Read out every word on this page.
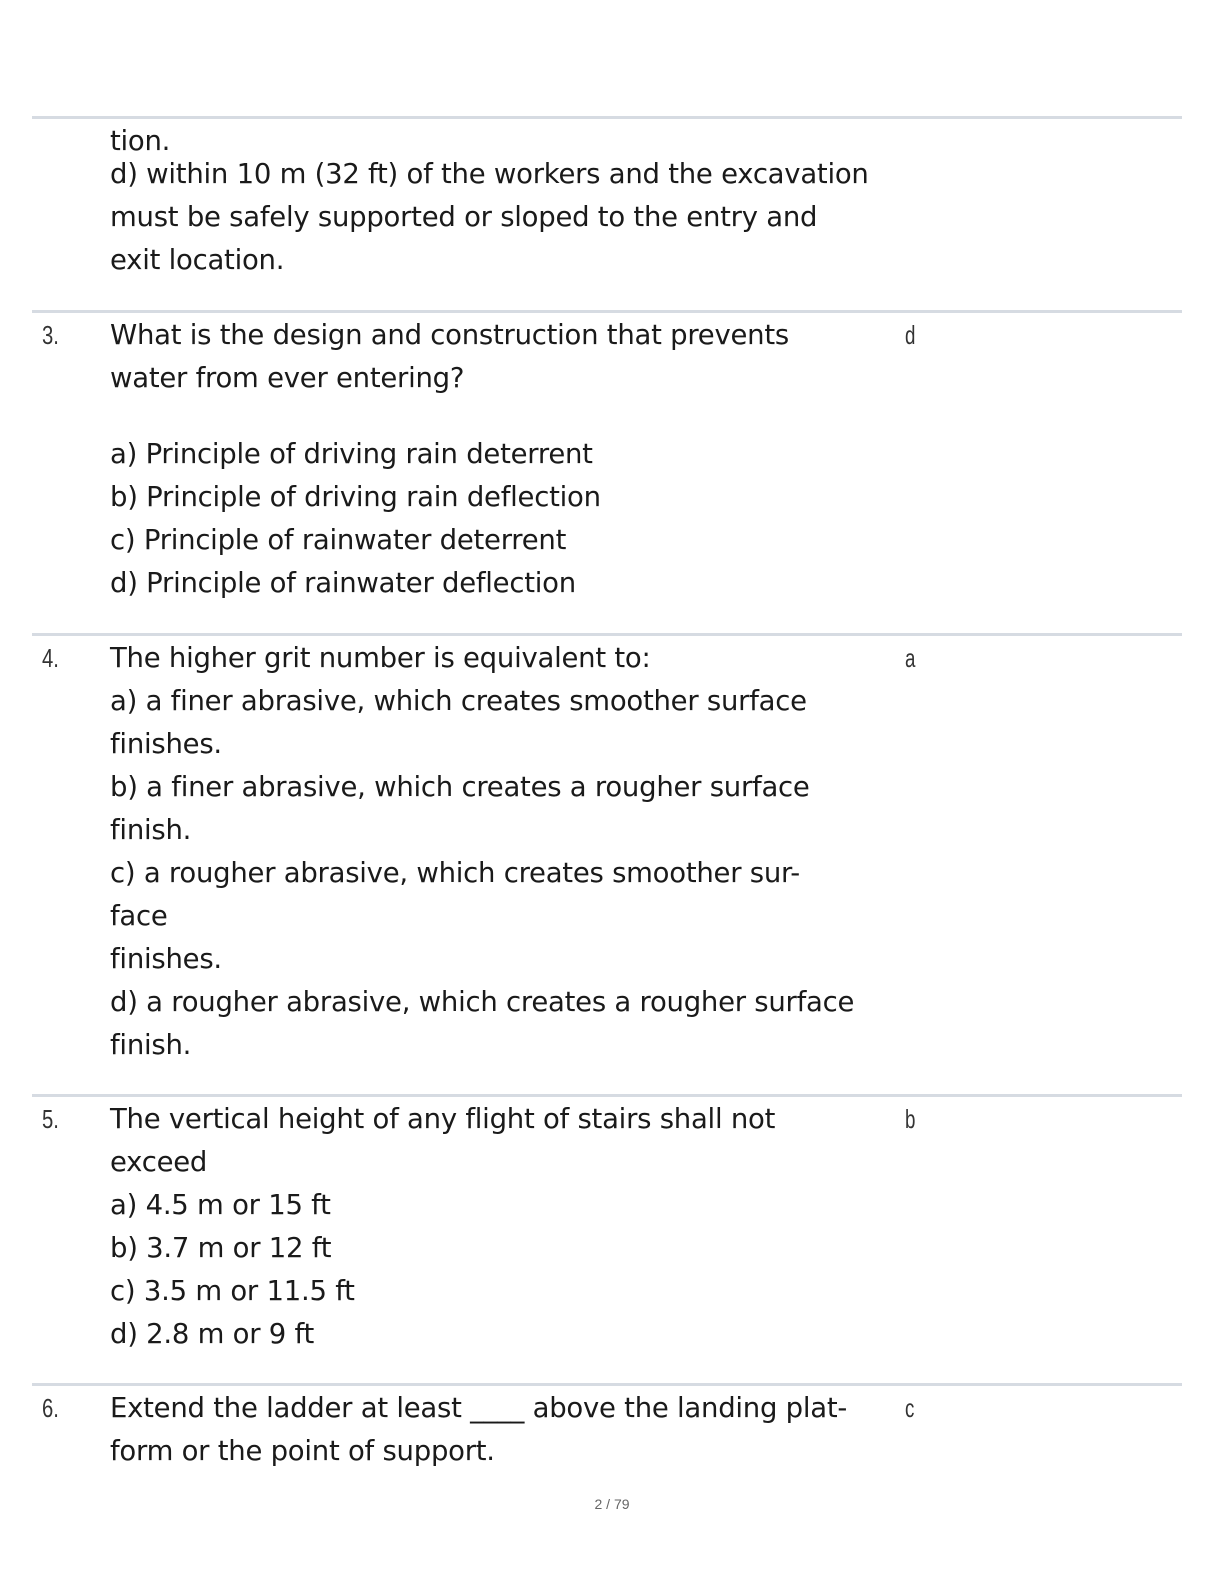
tion.
d) within 10 m (32 ft) of the workers and the excavation
must be safely supported or sloped to the entry and
exit location.
3. What is the design and construction that prevents
water from ever entering?
a) Principle of driving rain deterrent
b) Principle of driving rain deflection
c) Principle of rainwater deterrent
d) Principle of rainwater deflection
d
4. The higher grit number is equivalent to:
a) a finer abrasive, which creates smoother surface
finishes.
b) a finer abrasive, which creates a rougher surface
finish.
c) a rougher abrasive, which creates smoother sur-
face
finishes.
d) a rougher abrasive, which creates a rougher surface
finish.
a
5. The vertical height of any flight of stairs shall not
exceed
a) 4.5 m or 15 ft
b) 3.7 m or 12 ft
c) 3.5 m or 11.5 ft
d) 2.8 m or 9 ft
b
6. Extend the ladder at least ____ above the landing plat-
form or the point of support.
c
2 / 79
